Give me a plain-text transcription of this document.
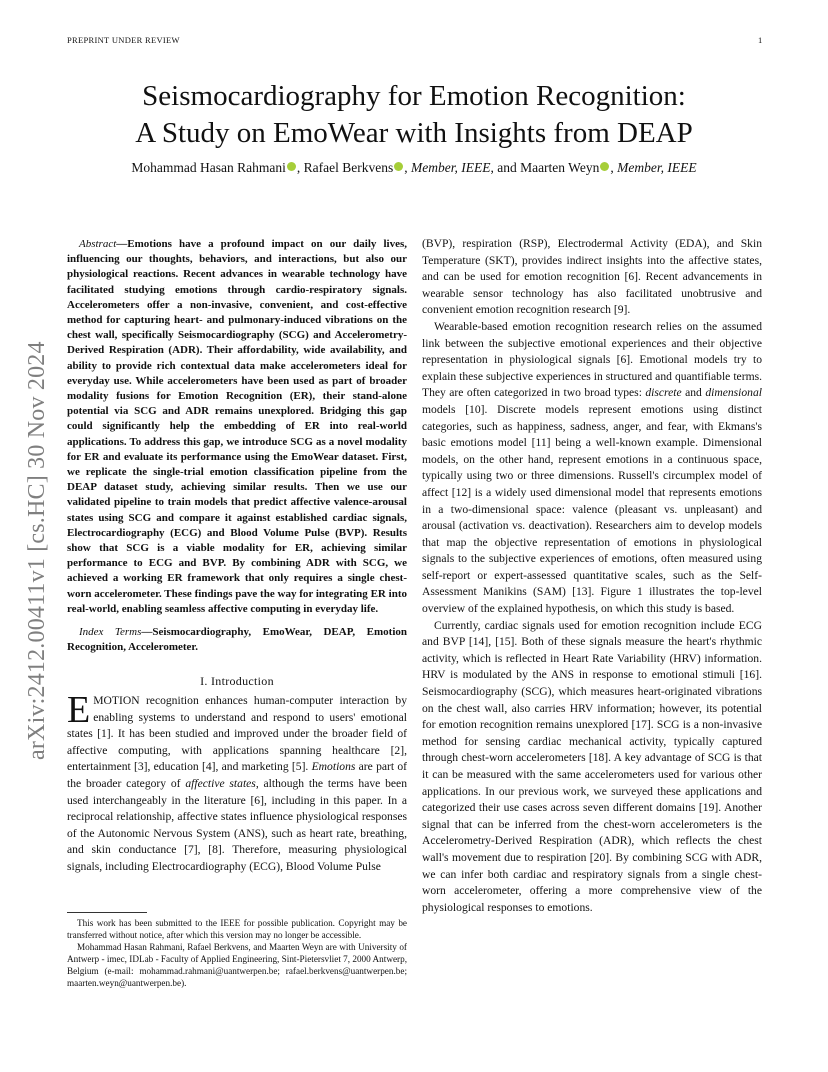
PREPRINT UNDER REVIEW	1
arXiv:2412.00411v1 [cs.HC] 30 Nov 2024
Seismocardiography for Emotion Recognition:
A Study on EmoWear with Insights from DEAP
Mohammad Hasan Rahmani , Rafael Berkvens , Member, IEEE, and Maarten Weyn , Member, IEEE
Abstract—Emotions have a profound impact on our daily lives, influencing our thoughts, behaviors, and interactions, but also our physiological reactions. Recent advances in wearable technology have facilitated studying emotions through cardio-respiratory signals. Accelerometers offer a non-invasive, convenient, and cost-effective method for capturing heart- and pulmonary-induced vibrations on the chest wall, specifically Seismocardiography (SCG) and Accelerometry-Derived Respiration (ADR). Their affordability, wide availability, and ability to provide rich contextual data make accelerometers ideal for everyday use. While accelerometers have been used as part of broader modality fusions for Emotion Recognition (ER), their stand-alone potential via SCG and ADR remains unexplored. Bridging this gap could significantly help the embedding of ER into real-world applications. To address this gap, we introduce SCG as a novel modality for ER and evaluate its performance using the EmoWear dataset. First, we replicate the single-trial emotion classification pipeline from the DEAP dataset study, achieving similar results. Then we use our validated pipeline to train models that predict affective valence-arousal states using SCG and compare it against established cardiac signals, Electrocardiography (ECG) and Blood Volume Pulse (BVP). Results show that SCG is a viable modality for ER, achieving similar performance to ECG and BVP. By combining ADR with SCG, we achieved a working ER framework that only requires a single chest-worn accelerometer. These findings pave the way for integrating ER into real-world, enabling seamless affective computing in everyday life.
Index Terms—Seismocardiography, EmoWear, DEAP, Emotion Recognition, Accelerometer.
I. Introduction

EMOTION recognition enhances human-computer interaction by enabling systems to understand and respond to users' emotional states [1]. It has been studied and improved under the broader field of affective computing, with applications spanning healthcare [2], entertainment [3], education [4], and marketing [5]. Emotions are part of the broader category of affective states, although the terms have been used interchangeably in the literature [6], including in this paper. In a reciprocal relationship, affective states influence physiological responses of the Autonomic Nervous System (ANS), such as heart rate, breathing, and skin conductance [7], [8]. Therefore, measuring physiological signals, including Electrocardiography (ECG), Blood Volume Pulse

This work has been submitted to the IEEE for possible publication. Copyright may be transferred without notice, after which this version may no longer be accessible.

Mohammad Hasan Rahmani, Rafael Berkvens, and Maarten Weyn are with University of Antwerp - imec, IDLab - Faculty of Applied Engineering, Sint-Pietersvliet 7, 2000 Antwerp, Belgium (e-mail: mohammad.rahmani@uantwerpen.be; rafael.berkvens@uantwerpen.be; maarten.weyn@uantwerpen.be).

(BVP), respiration (RSP), Electrodermal Activity (EDA), and Skin Temperature (SKT), provides indirect insights into the affective states, and can be used for emotion recognition [6]. Recent advancements in wearable sensor technology has also facilitated unobtrusive and convenient emotion recognition research [9].

Wearable-based emotion recognition research relies on the assumed link between the subjective emotional experiences and their objective representation in physiological signals [6]. Emotional models try to explain these subjective experiences in structured and quantifiable terms. They are often categorized in two broad types: discrete and dimensional models [10]. Discrete models represent emotions using distinct categories, such as happiness, sadness, anger, and fear, with Ekmans's basic emotions model [11] being a well-known example. Dimensional models, on the other hand, represent emotions in a continuous space, typically using two or three dimensions. Russell's circumplex model of affect [12] is a widely used dimensional model that represents emotions in a two-dimensional space: valence (pleasant vs. unpleasant) and arousal (activation vs. deactivation). Researchers aim to develop models that map the objective representation of emotions in physiological signals to the subjective experiences of emotions, often measured using self-report or expert-assessed quantitative scales, such as the Self-Assessment Manikins (SAM) [13]. Figure 1 illustrates the top-level overview of the explained hypothesis, on which this study is based.

Currently, cardiac signals used for emotion recognition include ECG and BVP [14], [15]. Both of these signals measure the heart's rhythmic activity, which is reflected in Heart Rate Variability (HRV) information. HRV is modulated by the ANS in response to emotional stimuli [16]. Seismocardiography (SCG), which measures heart-originated vibrations on the chest wall, also carries HRV information; however, its potential for emotion recognition remains unexplored [17]. SCG is a non-invasive method for sensing cardiac mechanical activity, typically captured through chest-worn accelerometers [18]. A key advantage of SCG is that it can be measured with the same accelerometers used for various other applications. In our previous work, we surveyed these applications and categorized their use cases across seven different domains [19]. Another signal that can be inferred from the chest-worn accelerometers is the Accelerometry-Derived Respiration (ADR), which reflects the chest wall's movement due to respiration [20]. By combining SCG with ADR, we can infer both cardiac and respiratory signals from a single chest-worn accelerometer, offering a more comprehensive view of the physiological responses to emotions.
